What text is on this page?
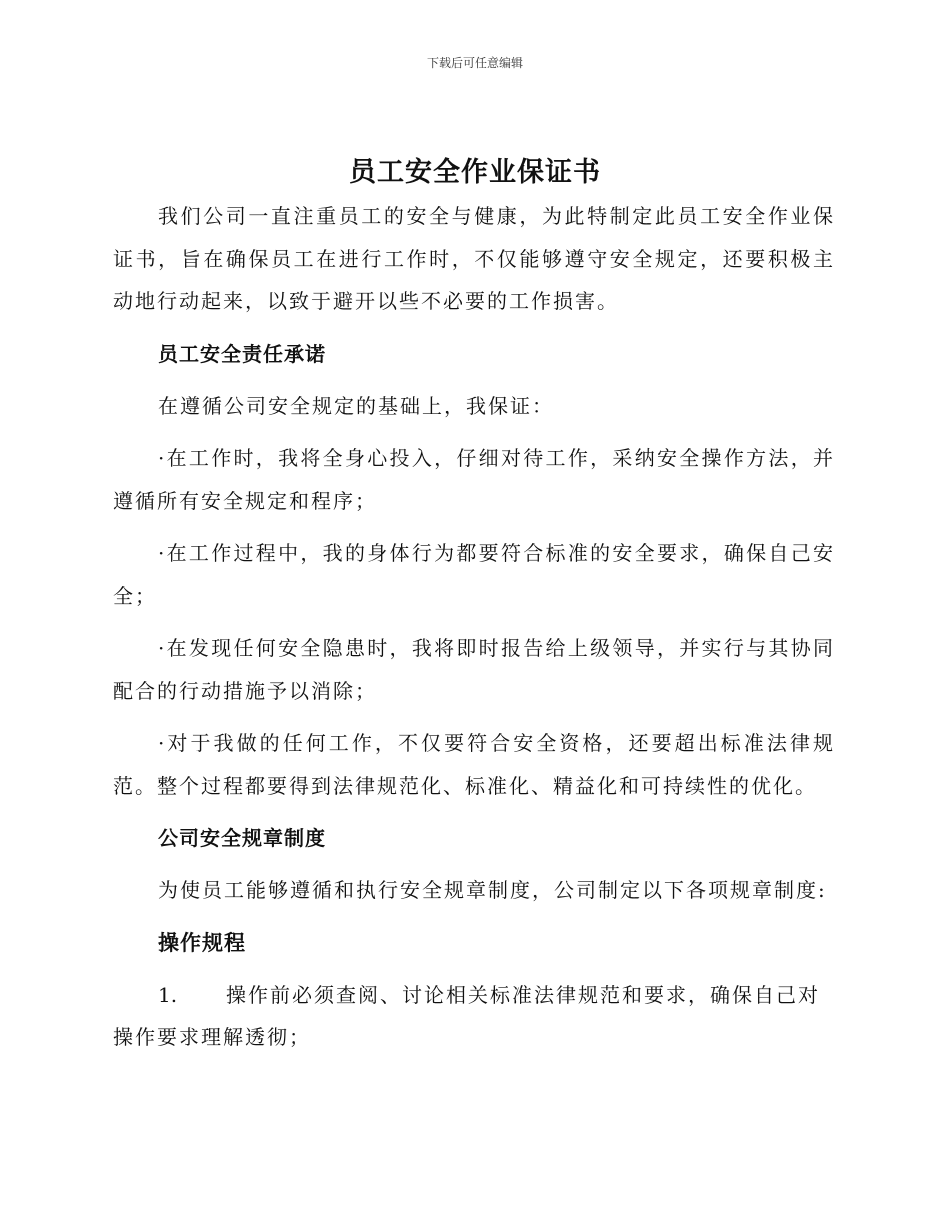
下载后可任意编辑
员工安全作业保证书

我们公司一直注重员工的安全与健康，为此特制定此员工安全作业保证书，旨在确保员工在进行工作时，不仅能够遵守安全规定，还要积极主动地行动起来，以致于避开以些不必要的工作损害。

员工安全责任承诺

在遵循公司安全规定的基础上，我保证：

·在工作时，我将全身心投入，仔细对待工作，采纳安全操作方法，并遵循所有安全规定和程序；

·在工作过程中，我的身体行为都要符合标准的安全要求，确保自己安全；

·在发现任何安全隐患时，我将即时报告给上级领导，并实行与其协同配合的行动措施予以消除；

·对于我做的任何工作，不仅要符合安全资格，还要超出标准法律规范。整个过程都要得到法律规范化、标准化、精益化和可持续性的优化。

公司安全规章制度

为使员工能够遵循和执行安全规章制度，公司制定以下各项规章制度:

操作规程

1. 操作前必须查阅、讨论相关标准法律规范和要求，确保自己对操作要求理解透彻；
